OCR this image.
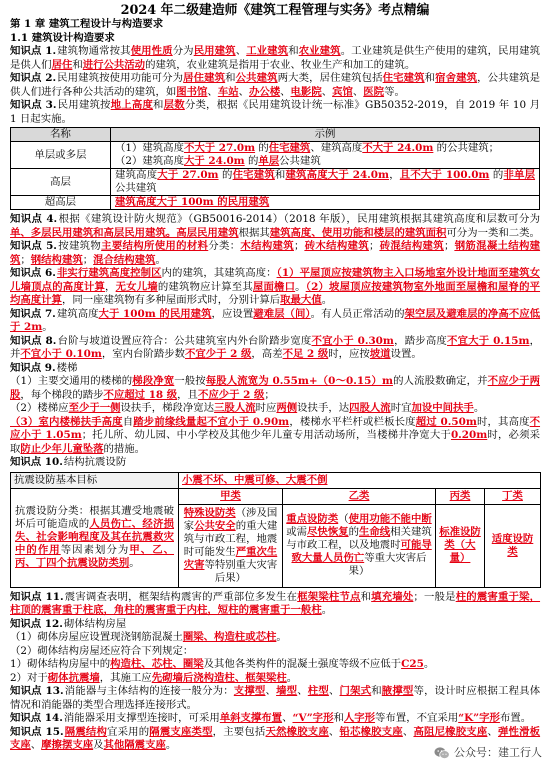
2024 年二级建造师《建筑工程管理与实务》考点精编
第 1 章 建筑工程设计与构造要求
1.1 建筑设计构造要求

知识点 1.建筑物通常按其使用性质分为民用建筑、工业建筑和农业建筑。工业建筑是供生产使用的建筑，民用建筑是供人们居住和进行公共活动的建筑，农业建筑是指用于农业、牧业生产和加工的建筑。

知识点 2.民用建筑按使用功能可分为居住建筑和公共建筑两大类，居住建筑包括住宅建筑和宿舍建筑，公共建筑是供人们进行各种公共活动的建筑，如图书馆、车站、办公楼、电影院、宾馆、医院等。

知识点 3.民用建筑按地上高度和层数分类，根据《民用建筑设计统一标准》GB50352-2019，自 2019 年 10 月 1 日起实施。

名称	示例
单层或多层	（1）建筑高度不大于 27.0m 的住宅建筑、建筑高度不大于 24.0m 的公共建筑；
（2）建筑高度大于 24.0m 的单层公共建筑

高层	建筑高度大于 27.0m 的住宅建筑和建筑高度大于 24.0m，且不大于 100.0m 的非单层公共建筑

超高层	建筑高度大于 100m 的民用建筑

知识点 4.根据《建筑设计防火规范》（GB50016-2014）（2018 年版），民用建筑根据其建筑高度和层数可分为单、多层民用建筑和高层民用建筑。高层民用建筑根据其建筑高度、使用功能和楼层的建筑面积可分为一类和二类。

知识点 5.按建筑物主要结构所使用的材料分类：木结构建筑；砖木结构建筑；砖混结构建筑；钢筋混凝土结构建筑；钢结构建筑；混合结构建筑。

知识点 6.非实行建筑高度控制区内的建筑，其建筑高度：（1）平屋顶应按建筑物主入口场地室外设计地面至建筑女儿墙顶点的高度计算，无女儿墙的建筑物应计算至其屋面檐口。（2）坡屋顶应按建筑物室外地面至屋檐和屋脊的平均高度计算，同一座建筑物有多种屋面形式时，分别计算后取最大值。

知识点 7.建筑高度大于 100m 的民用建筑，应设置避难层（间）。有人员正常活动的架空层及避难层的净高不应低于 2m。

知识点 8.台阶与坡道设置应符合：公共建筑室内外台阶踏步宽度不宜小于 0.30m，踏步高度不宜大于 0.15m，并不宜小于 0.10m，室内台阶踏步数不宜少于 2 级，高差不足 2 级时，应按坡道设置。

知识点 9.楼梯

（1）主要交通用的楼梯的梯段净宽一般按每股人流宽为 0.55m+（0～0.15）m的人流股数确定，并不应少于两股，每个梯段的踏步不应超过 18 级，且不应少于 2 级；

（2）楼梯应至少于一侧设扶手，梯段净宽达三股人流时应两侧设扶手，达四股人流时宜加设中间扶手。

（3）室内楼梯扶手高度自踏步前缘线量起不宜小于 0.90m，楼梯水平栏杆或栏板长度超过 0.50m时，其高度不应小于 1.05m；托儿所、幼儿园、中小学校及其他少年儿童专用活动场所，当楼梯井净宽大于0.20m时，必须采取防止少年儿童坠落的措施。

知识点 10.结构抗震设防

抗震设防基本目标	小震不坏、中震可修、大震不倒			
抗震设防分类：根据其遭受地震破坏后可能造成的人员伤亡、经济损失、社会影响程度及其在抗震救灾中的作用等因素划分为甲、乙、丙、丁四个抗震设防类别。	甲类	乙类	丙类	丁类
	特殊设防类（涉及国家公共安全的重大建筑与市政工程，地震时可能发生严重次生灾害等特别重大灾害后果）	重点设防类（使用功能不能中断或需尽快恢复的生命线相关建筑与市政工程，以及地震时可能导致大量人员伤亡等重大灾害后果）	标准设防类（大量）	适度设防类

知识点 11.震害调查表明，框架结构震害的严重部位多发生在框架梁柱节点和填充墙处；一般是柱的震害重于梁，柱顶的震害重于柱底，角柱的震害重于内柱，短柱的震害重于一般柱。

知识点 12.砌体结构房屋

（1）砌体房屋应设置现浇钢筋混凝土圈梁、构造柱或芯柱。

（2）砌体结构房屋还应符合下列规定：

1）砌体结构房屋中的构造柱、芯柱、圈梁及其他各类构件的混凝土强度等级不应低于C25。

2）对于砌体抗震墙，其施工应先砌墙后浇构造柱、框架梁柱。

知识点 13.消能器与主体结构的连接一般分为：支撑型、墙型、柱型、门架式和腋撑型等，设计时应根据工程具体情况和消能器的类型合理选择连接形式。

知识点 14.消能器采用支撑型连接时，可采用单斜支撑布置、“V”字形和人字形等布置，不宜采用“K”字形布置。

知识点 15.隔震结构宜采用的隔震支座类型，主要包括天然橡胶支座、铅芯橡胶支座、高阻尼橡胶支座、弹性滑板支座、摩擦摆支座及其他隔震支座。

公众号：建工行人
